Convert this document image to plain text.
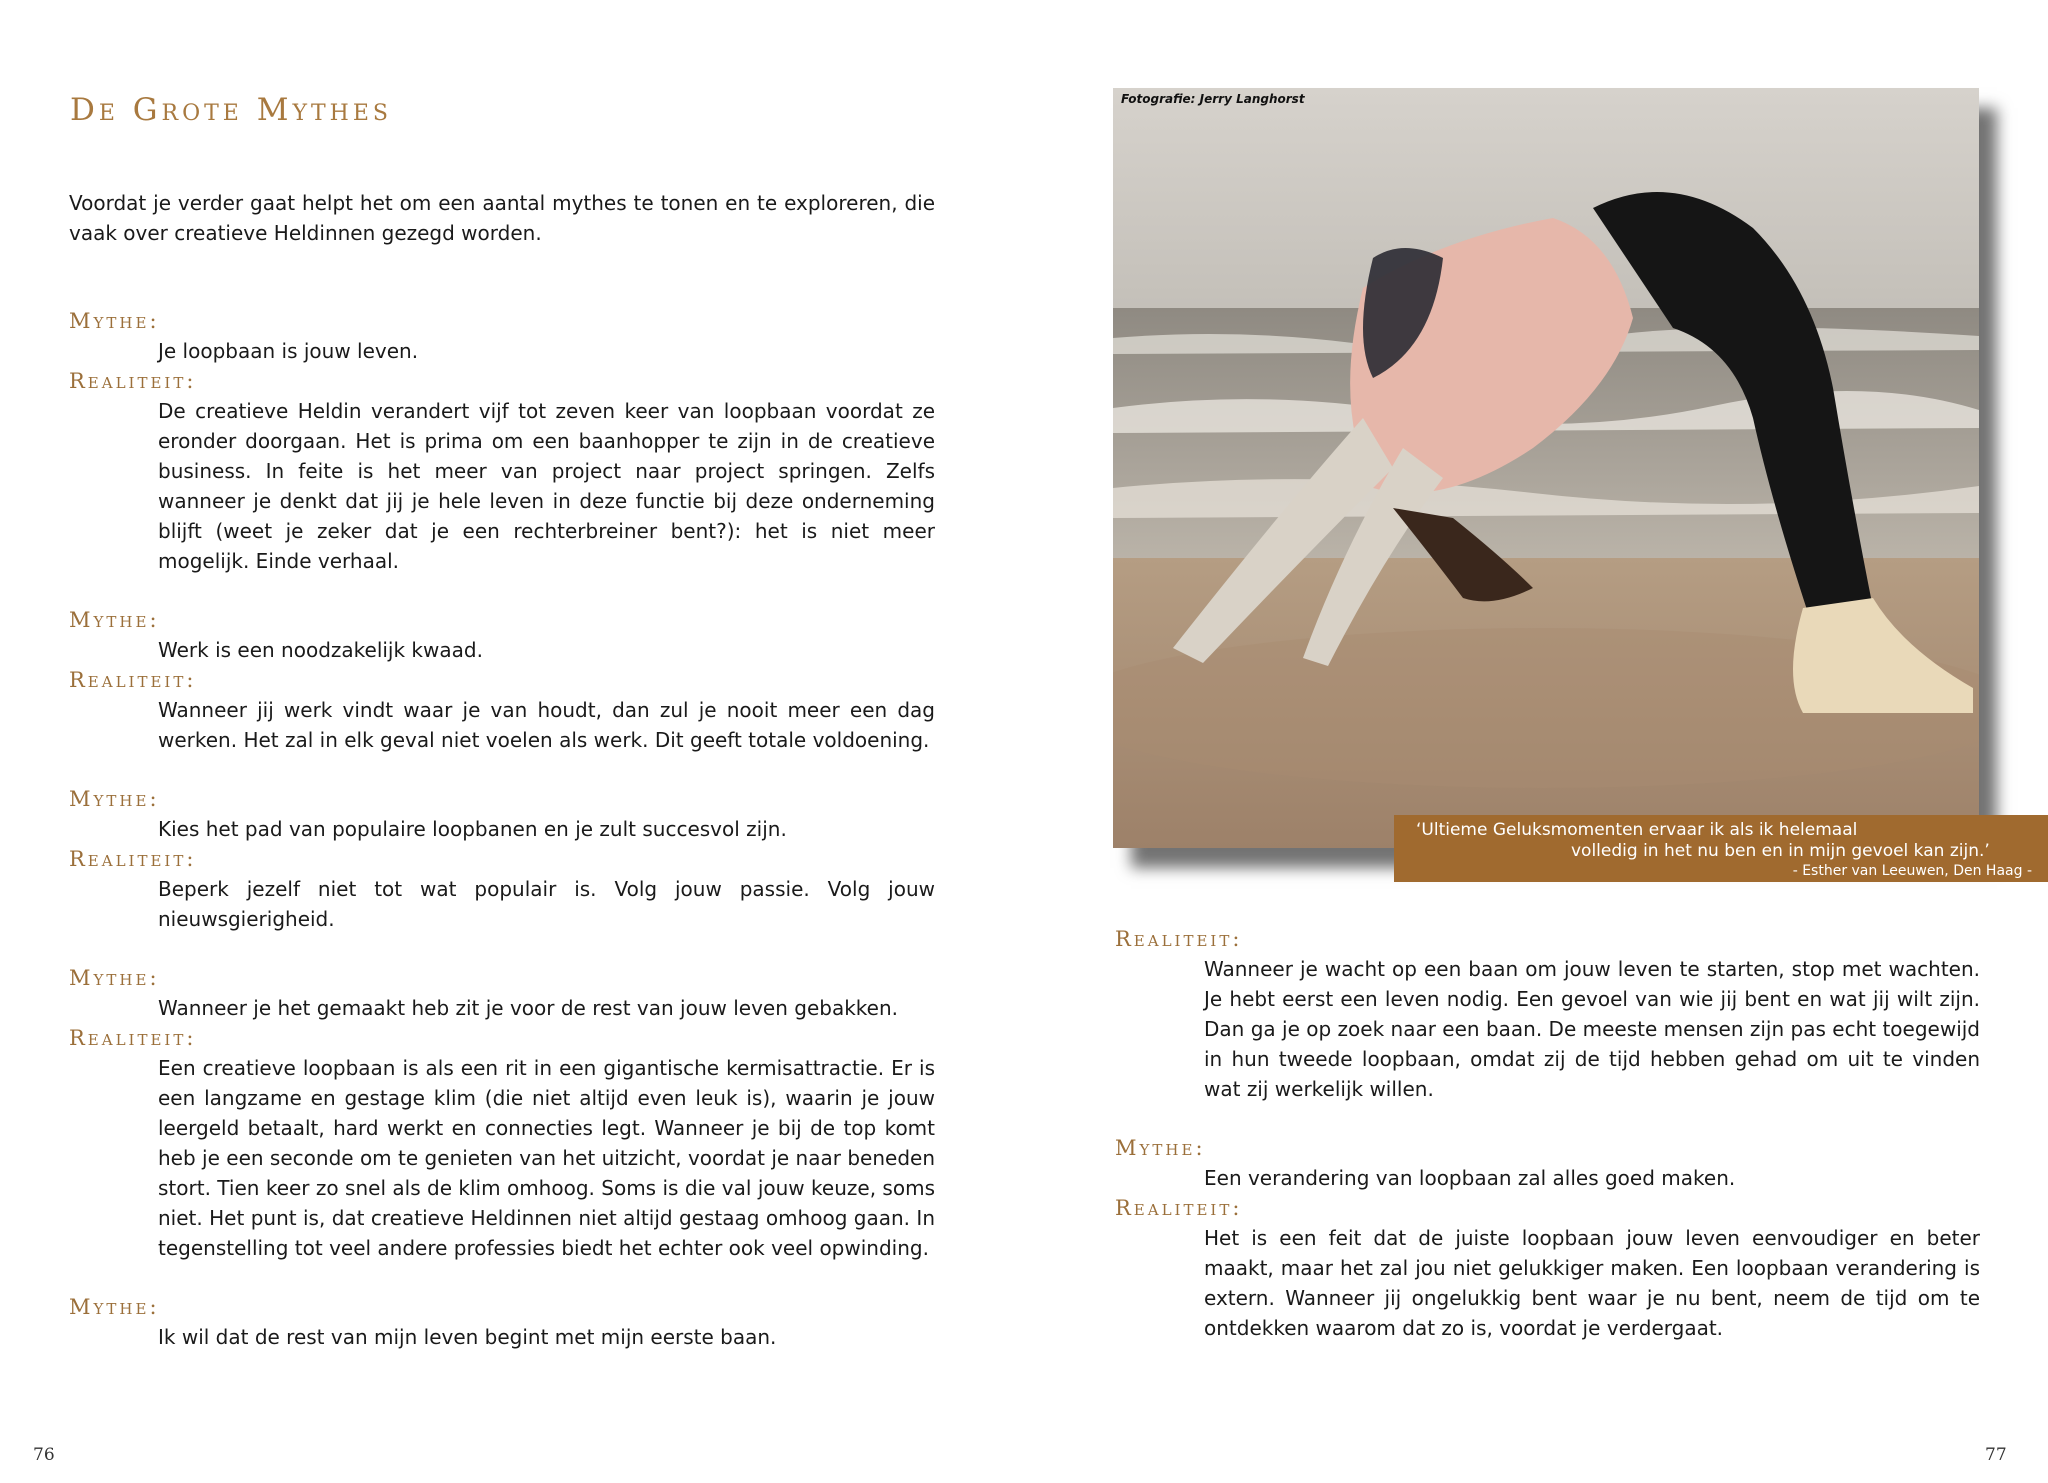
De Grote Mythes

Voordat je verder gaat helpt het om een aantal mythes te tonen en te exploreren, die vaak over creatieve Heldinnen gezegd worden.

Mythe:
Je loopbaan is jouw leven.
Realiteit:
De creatieve Heldin verandert vijf tot zeven keer van loopbaan voordat ze eronder doorgaan. Het is prima om een baanhopper te zijn in de creatieve business. In feite is het meer van project naar project springen. Zelfs wanneer je denkt dat jij je hele leven in deze functie bij deze onderneming blijft (weet je zeker dat je een rechterbreiner bent?): het is niet meer mogelijk. Einde verhaal.
Mythe:
Werk is een noodzakelijk kwaad.
Realiteit:
Wanneer jij werk vindt waar je van houdt, dan zul je nooit meer een dag werken. Het zal in elk geval niet voelen als werk. Dit geeft totale voldoening.
Mythe:
Kies het pad van populaire loopbanen en je zult succesvol zijn.
Realiteit:
Beperk jezelf niet tot wat populair is. Volg jouw passie. Volg jouw nieuwsgierigheid.
Mythe:
Wanneer je het gemaakt heb zit je voor de rest van jouw leven gebakken.
Realiteit:
Een creatieve loopbaan is als een rit in een gigantische kermisattractie. Er is een langzame en gestage klim (die niet altijd even leuk is), waarin je jouw leergeld betaalt, hard werkt en connecties legt. Wanneer je bij de top komt heb je een seconde om te genieten van het uitzicht, voordat je naar beneden stort. Tien keer zo snel als de klim omhoog. Soms is die val jouw keuze, soms niet. Het punt is, dat creatieve Heldinnen niet altijd gestaag omhoog gaan. In tegenstelling tot veel andere professies biedt het echter ook veel opwinding.
Mythe:
Ik wil dat de rest van mijn leven begint met mijn eerste baan.
76
Fotografie: Jerry Langhorst
‘Ultieme Geluksmomenten ervaar ik als ik helemaal
volledig in het nu ben en in mijn gevoel kan zijn.’
- Esther van Leeuwen, Den Haag -
Realiteit:
Wanneer je wacht op een baan om jouw leven te starten, stop met wachten. Je hebt eerst een leven nodig. Een gevoel van wie jij bent en wat jij wilt zijn. Dan ga je op zoek naar een baan. De meeste mensen zijn pas echt toegewijd in hun tweede loopbaan, omdat zij de tijd hebben gehad om uit te vinden wat zij werkelijk willen.
Mythe:
Een verandering van loopbaan zal alles goed maken.
Realiteit:
Het is een feit dat de juiste loopbaan jouw leven eenvoudiger en beter maakt, maar het zal jou niet gelukkiger maken. Een loopbaan verandering is extern. Wanneer jij ongelukkig bent waar je nu bent, neem de tijd om te ontdekken waarom dat zo is, voordat je verdergaat.
77
